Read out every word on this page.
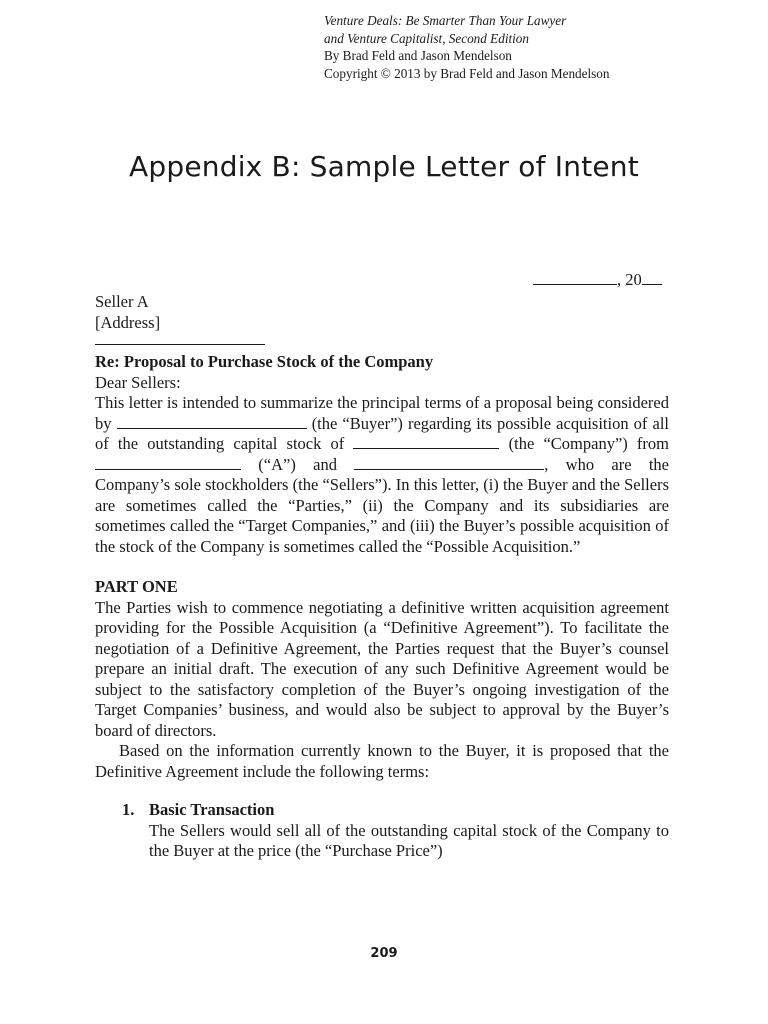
Venture Deals: Be Smarter Than Your Lawyer
and Venture Capitalist, Second Edition
By Brad Feld and Jason Mendelson
Copyright © 2013 by Brad Feld and Jason Mendelson
Appendix B: Sample Letter of Intent
, 20
Seller A
[Address]

Re: Proposal to Purchase Stock of the Company

Dear Sellers:

This letter is intended to summarize the principal terms of a proposal being considered by	(the “Buyer”) regarding its possible acquisition of all of the outstanding capital stock of	(the “Company”) from  (“A”) and	, who are the Company’s sole stockholders (the “Sellers”). In this letter, (i) the Buyer and the Sellers are sometimes called the “Parties,” (ii) the Company and its subsidiaries are sometimes called the “Target Companies,” and (iii) the Buyer’s possible acquisition of the stock of the Company is sometimes called the “Possible Acquisition.”

PART ONE

The Parties wish to commence negotiating a definitive written acquisition agreement providing for the Possible Acquisition (a “Definitive Agreement”). To facilitate the negotiation of a Definitive Agreement, the Parties request that the Buyer’s counsel prepare an initial draft. The execution of any such Definitive Agreement would be subject to the satisfactory completion of the Buyer’s ongoing investigation of the Target Companies’ business, and would also be subject to approval by the Buyer’s board of directors.

Based on the information currently known to the Buyer, it is proposed that the Definitive Agreement include the following terms:

1. Basic Transaction
The Sellers would sell all of the outstanding capital stock of the Company to the Buyer at the price (the “Purchase Price”)

209
